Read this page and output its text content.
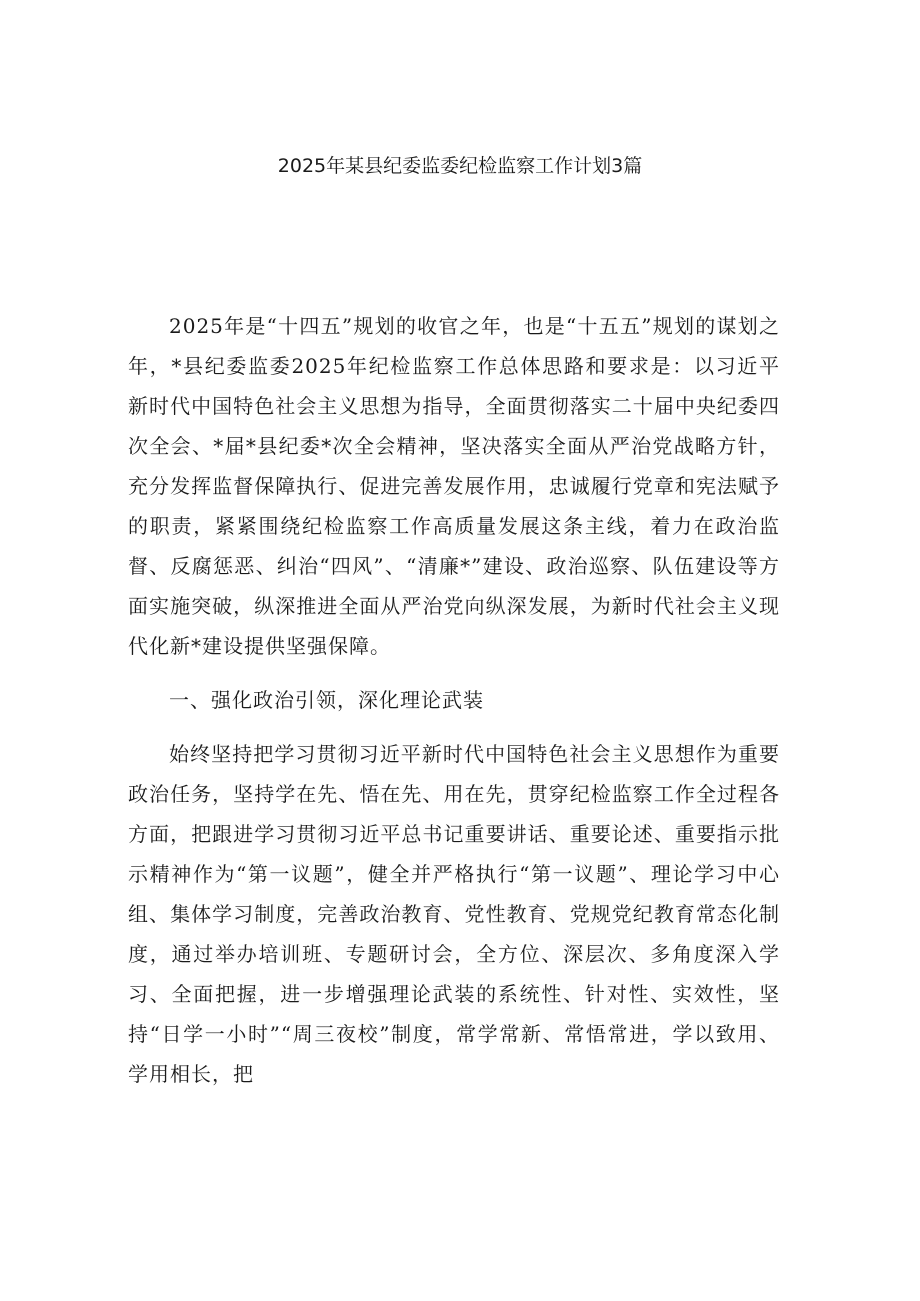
2025年某县纪委监委纪检监察工作计划3篇

2025年是“十四五”规划的收官之年，也是“十五五”规划的谋划之年，*县纪委监委2025年纪检监察工作总体思路和要求是：以习近平新时代中国特色社会主义思想为指导，全面贯彻落实二十届中央纪委四次全会、*届*县纪委*次全会精神，坚决落实全面从严治党战略方针，充分发挥监督保障执行、促进完善发展作用，忠诚履行党章和宪法赋予的职责，紧紧围绕纪检监察工作高质量发展这条主线，着力在政治监督、反腐惩恶、纠治“四风”、“清廉*”建设、政治巡察、队伍建设等方面实施突破，纵深推进全面从严治党向纵深发展，为新时代社会主义现代化新*建设提供坚强保障。

一、强化政治引领，深化理论武装

始终坚持把学习贯彻习近平新时代中国特色社会主义思想作为重要政治任务，坚持学在先、悟在先、用在先，贯穿纪检监察工作全过程各方面，把跟进学习贯彻习近平总书记重要讲话、重要论述、重要指示批示精神作为“第一议题”，健全并严格执行“第一议题”、理论学习中心组、集体学习制度，完善政治教育、党性教育、党规党纪教育常态化制度，通过举办培训班、专题研讨会，全方位、深层次、多角度深入学习、全面把握，进一步增强理论武装的系统性、针对性、实效性，坚持“日学一小时”“周三夜校”制度，常学常新、常悟常进，学以致用、学用相长，把
